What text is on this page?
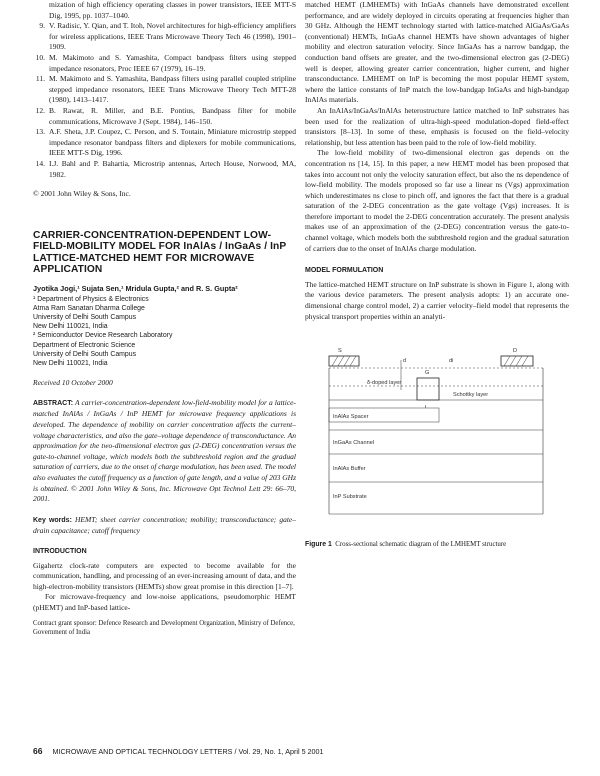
mization of high efficiency operating classes in power transistors, IEEE MTT-S Dig, 1995, pp. 1037–1040.
9. V. Radisic, Y. Qian, and T. Itoh, Novel architectures for high-efficiency amplifiers for wireless applications, IEEE Trans Microwave Theory Tech 46 (1998), 1901–1909.
10. M. Makimoto and S. Yamashita, Compact bandpass filters using stepped impedance resonators, Proc IEEE 67 (1979), 16–19.
11. M. Makimoto and S. Yamashita, Bandpass filters using parallel coupled stripline stepped impedance resonators, IEEE Trans Microwave Theory Tech MTT-28 (1980), 1413–1417.
12. B. Rawat, R. Miller, and B.E. Pontius, Bandpass filter for mobile communications, Microwave J (Sept. 1984), 146–150.
13. A.F. Sheta, J.P. Coupez, C. Person, and S. Toutain, Miniature microstrip stepped impedance resonator bandpass filters and diplexers for mobile communications, IEEE MTT-S Dig, 1996.
14. I.J. Bahl and P. Bahartia, Microstrip antennas, Artech House, Norwood, MA, 1982.
© 2001 John Wiley & Sons, Inc.
CARRIER-CONCENTRATION-DEPENDENT LOW-FIELD-MOBILITY MODEL FOR InAlAs / InGaAs / InP LATTICE-MATCHED HEMT FOR MICROWAVE APPLICATION
Jyotika Jogi,¹ Sujata Sen,¹ Mridula Gupta,² and R. S. Gupta²
¹ Department of Physics & Electronics
Atma Ram Sanatan Dharma College
University of Delhi South Campus
New Delhi 110021, India
² Semiconductor Device Research Laboratory
Department of Electronic Science
University of Delhi South Campus
New Delhi 110021, India
Received 10 October 2000
ABSTRACT: A carrier-concentration-dependent low-field-mobility model for a lattice-matched InAlAs / InGaAs / InP HEMT for microwave frequency applications is developed. The dependence of mobility on carrier concentration affects the current–voltage characteristics, and also the gate–voltage dependence of transconductance. An approximation for the two-dimensional electron gas (2-DEG) concentration versus the gate-to-channel voltage, which models both the subthreshold region and the gradual saturation of carriers, due to the onset of charge modulation, has been used. The model also evaluates the cutoff frequency as a function of gate length, and a value of 203 GHz is obtained. © 2001 John Wiley & Sons, Inc. Microwave Opt Technol Lett 29: 66–70, 2001.
Key words: HEMT; sheet carrier concentration; mobility; transconductance; gate–drain capacitance; cutoff frequency
INTRODUCTION

Gigahertz clock-rate computers are expected to become available for the communication, handling, and processing of an ever-increasing amount of data, and the high-electron-mobility transistors (HEMTs) show great promise in this direction [1–7].

For microwave-frequency and low-noise applications, pseudomorphic HEMT (pHEMT) and InP-based lattice-

Contract grant sponsor: Defence Research and Development Organization, Ministry of Defence, Government of India

matched HEMT (LMHEMTs) with InGaAs channels have demonstrated excellent performance, and are widely deployed in circuits operating at frequencies higher than 30 GHz. Although the HEMT technology started with lattice-matched AlGaAs/GaAs (conventional) HEMTs, InGaAs channel HEMTs have shown advantages of higher mobility and electron saturation velocity. Since InGaAs has a narrow bandgap, the conduction band offsets are greater, and the two-dimensional electron gas (2-DEG) well is deeper, allowing greater carrier concentration, higher current, and higher transconductance. LMHEMT on InP is becoming the most popular HEMT system, where the lattice constants of InP match the low-bandgap InGaAs and high-bandgap InAlAs materials.

An InAlAs/InGaAs/InAlAs heterostructure lattice matched to InP substrates has been used for the realization of ultra-high-speed modulation-doped field-effect transistors [8–13]. In some of these, emphasis is focused on the field–velocity relationship, but less attention has been paid to the role of low-field mobility.

The low-field mobility of two-dimensional electron gas depends on the concentration ns [14, 15]. In this paper, a new HEMT model has been proposed that takes into account not only the velocity saturation effect, but also the ns dependence of low-field mobility. The models proposed so far use a linear ns (Vgs) approximation which underestimates ns close to pinch off, and ignores the fact that there is a gradual saturation of the 2-DEG concentration as the gate voltage (Vgs) increases. It is therefore important to model the 2-DEG concentration accurately. The present analysis makes use of an approximation of the (2-DEG) concentration versus the gate-to-channel voltage, which models both the subthreshold region and the gradual saturation of carriers due to the onset of InAlAs charge modulation.

MODEL FORMULATION

The lattice-matched HEMT structure on InP substrate is shown in Figure 1, along with the various device parameters. The present analysis adopts: 1) an accurate one-dimensional charge control model, 2) a carrier velocity–field model that represents the physical transport properties within an analyti-

S	D
G
d	di
δ-doped layer
Schottky layer
InAlAs Spacer
InGaAs Channel
InAlAs Buffer
InP Substrate
Figure 1 Cross-sectional schematic diagram of the LMHEMT structure
66 MICROWAVE AND OPTICAL TECHNOLOGY LETTERS / Vol. 29, No. 1, April 5 2001
